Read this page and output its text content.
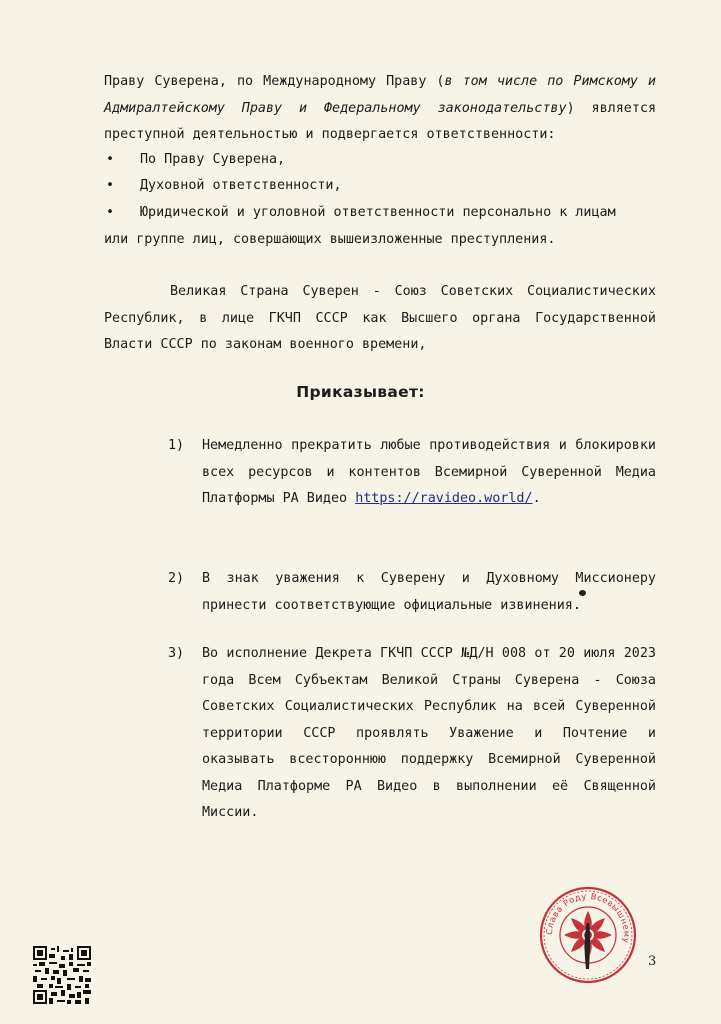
Праву Суверена, по Международному Праву (в том числе по Римскому и Адмиралтейскому Праву и Федеральному законодательству) является преступной деятельностью и подвергается ответственности:

•	По Праву Суверена,
•	Духовной ответственности,
•	Юридической и уголовной ответственности персонально к лицам
или группе лиц, совершающих вышеизложенные преступления.

Великая Страна Суверен - Союз Советских Социалистических Республик, в лице ГКЧП СССР как Высшего органа Государственной Власти СССР по законам военного времени,

Приказывает:
1) Немедленно прекратить любые противодействия и блокировки всех ресурсов и контентов Всемирной Суверенной Медиа Платформы РА Видео https://ravideo.world/.
2) В знак уважения к Суверену и Духовному Миссионеру принести соответствующие официальные извинения.
3) Во исполнение Декрета ГКЧП СССР №Д/Н 008 от 20 июля 2023 года Всем Субъектам Великой Страны Суверена - Союза Советских Социалистических Республик на всей Суверенной территории СССР проявлять Уважение и Почтение и оказывать всестороннюю поддержку Всемирной Суверенной Медиа Платформе РА Видео в выполнении её Священной Миссии.
Слава Роду Всевышнему
3
